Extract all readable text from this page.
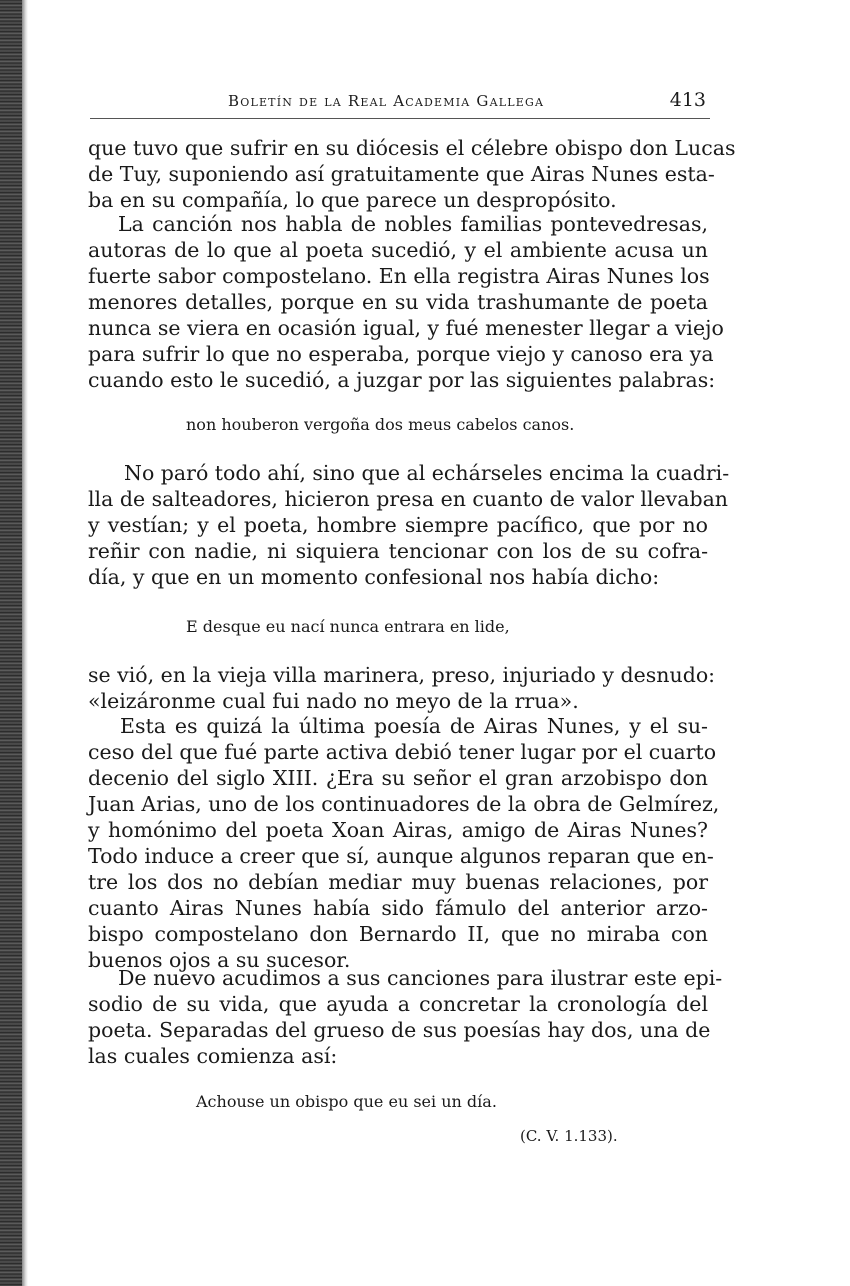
Boletín de la Real Academia Gallega	413
que tuvo que sufrir en su diócesis el célebre obispo don Lucas
de Tuy, suponiendo así gratuitamente que Airas Nunes esta-
ba en su compañía, lo que parece un despropósito.
La canción nos habla de nobles familias pontevedresas,
autoras de lo que al poeta sucedió, y el ambiente acusa un
fuerte sabor compostelano. En ella registra Airas Nunes los
menores detalles, porque en su vida trashumante de poeta
nunca se viera en ocasión igual, y fué menester llegar a viejo
para sufrir lo que no esperaba, porque viejo y canoso era ya
cuando esto le sucedió, a juzgar por las siguientes palabras:
non houberon vergoña dos meus cabelos canos.
No paró todo ahí, sino que al echárseles encima la cuadri-
lla de salteadores, hicieron presa en cuanto de valor llevaban
y vestían; y el poeta, hombre siempre pacífico, que por no
reñir con nadie, ni siquiera tencionar con los de su cofra-
día, y que en un momento confesional nos había dicho:
E desque eu nací nunca entrara en lide,
se vió, en la vieja villa marinera, preso, injuriado y desnudo:
«leizáronme cual fui nado no meyo de la rrua».
Esta es quizá la última poesía de Airas Nunes, y el su-
ceso del que fué parte activa debió tener lugar por el cuarto
decenio del siglo XIII. ¿Era su señor el gran arzobispo don
Juan Arias, uno de los continuadores de la obra de Gelmírez,
y homónimo del poeta Xoan Airas, amigo de Airas Nunes?
Todo induce a creer que sí, aunque algunos reparan que en-
tre los dos no debían mediar muy buenas relaciones, por
cuanto Airas Nunes había sido fámulo del anterior arzo-
bispo compostelano don Bernardo II, que no miraba con
buenos ojos a su sucesor.
De nuevo acudimos a sus canciones para ilustrar este epi-
sodio de su vida, que ayuda a concretar la cronología del
poeta. Separadas del grueso de sus poesías hay dos, una de
las cuales comienza así:
Achouse un obispo que eu sei un día.
(C. V. 1.133).
